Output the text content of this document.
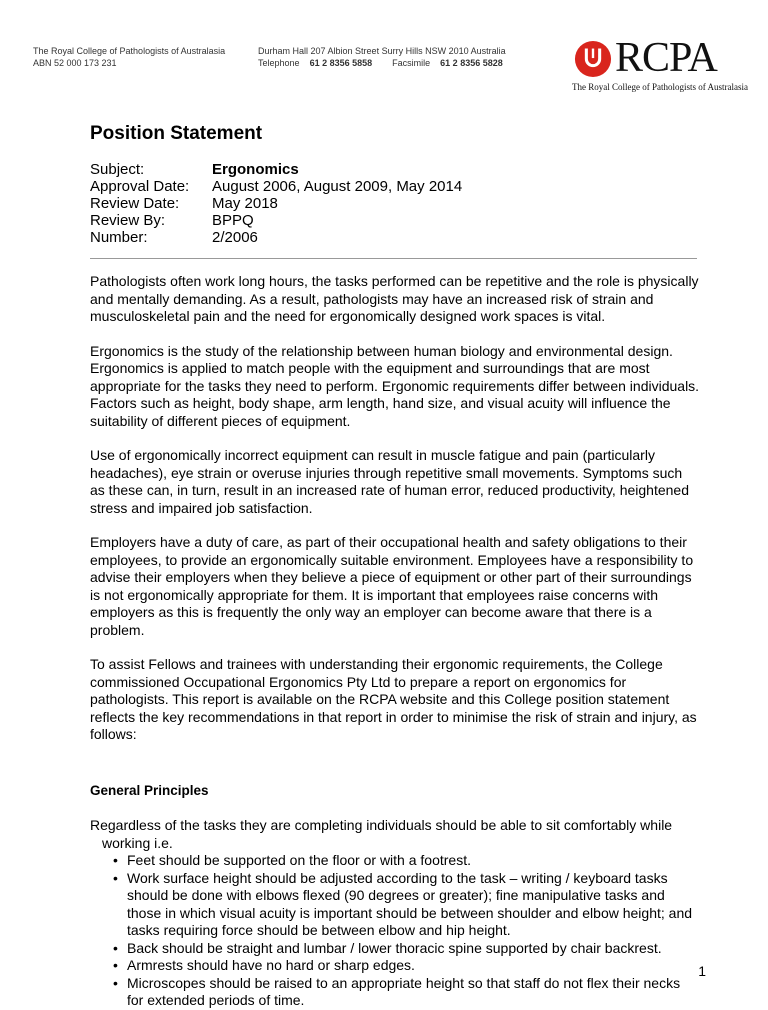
The Royal College of Pathologists of Australasia
ABN 52 000 173 231
Durham Hall 207 Albion Street Surry Hills NSW 2010 Australia
Telephone 61 2 8356 5858 Facsimile 61 2 8356 5828	RCPA
The Royal College of Pathologists of Australasia
Position Statement
Subject:	Ergonomics
Approval Date:	August 2006, August 2009, May 2014
Review Date:	May 2018
Review By:	BPPQ
Number:	2/2006

Pathologists often work long hours, the tasks performed can be repetitive and the role is physically and mentally demanding. As a result, pathologists may have an increased risk of strain and musculoskeletal pain and the need for ergonomically designed work spaces is vital.

Ergonomics is the study of the relationship between human biology and environmental design. Ergonomics is applied to match people with the equipment and surroundings that are most appropriate for the tasks they need to perform. Ergonomic requirements differ between individuals. Factors such as height, body shape, arm length, hand size, and visual acuity will influence the suitability of different pieces of equipment.

Use of ergonomically incorrect equipment can result in muscle fatigue and pain (particularly headaches), eye strain or overuse injuries through repetitive small movements. Symptoms such as these can, in turn, result in an increased rate of human error, reduced productivity, heightened stress and impaired job satisfaction.

Employers have a duty of care, as part of their occupational health and safety obligations to their employees, to provide an ergonomically suitable environment. Employees have a responsibility to advise their employers when they believe a piece of equipment or other part of their surroundings is not ergonomically appropriate for them. It is important that employees raise concerns with employers as this is frequently the only way an employer can become aware that there is a problem.

To assist Fellows and trainees with understanding their ergonomic requirements, the College commissioned Occupational Ergonomics Pty Ltd to prepare a report on ergonomics for pathologists. This report is available on the RCPA website and this College position statement reflects the key recommendations in that report in order to minimise the risk of strain and injury, as follows:

General Principles

Regardless of the tasks they are completing individuals should be able to sit comfortably while working i.e.

• Feet should be supported on the floor or with a footrest.
• Work surface height should be adjusted according to the task – writing / keyboard tasks should be done with elbows flexed (90 degrees or greater); fine manipulative tasks and those in which visual acuity is important should be between shoulder and elbow height; and tasks requiring force should be between elbow and hip height.
• Back should be straight and lumbar / lower thoracic spine supported by chair backrest.
• Armrests should have no hard or sharp edges.
• Microscopes should be raised to an appropriate height so that staff do not flex their necks for extended periods of time.
1
